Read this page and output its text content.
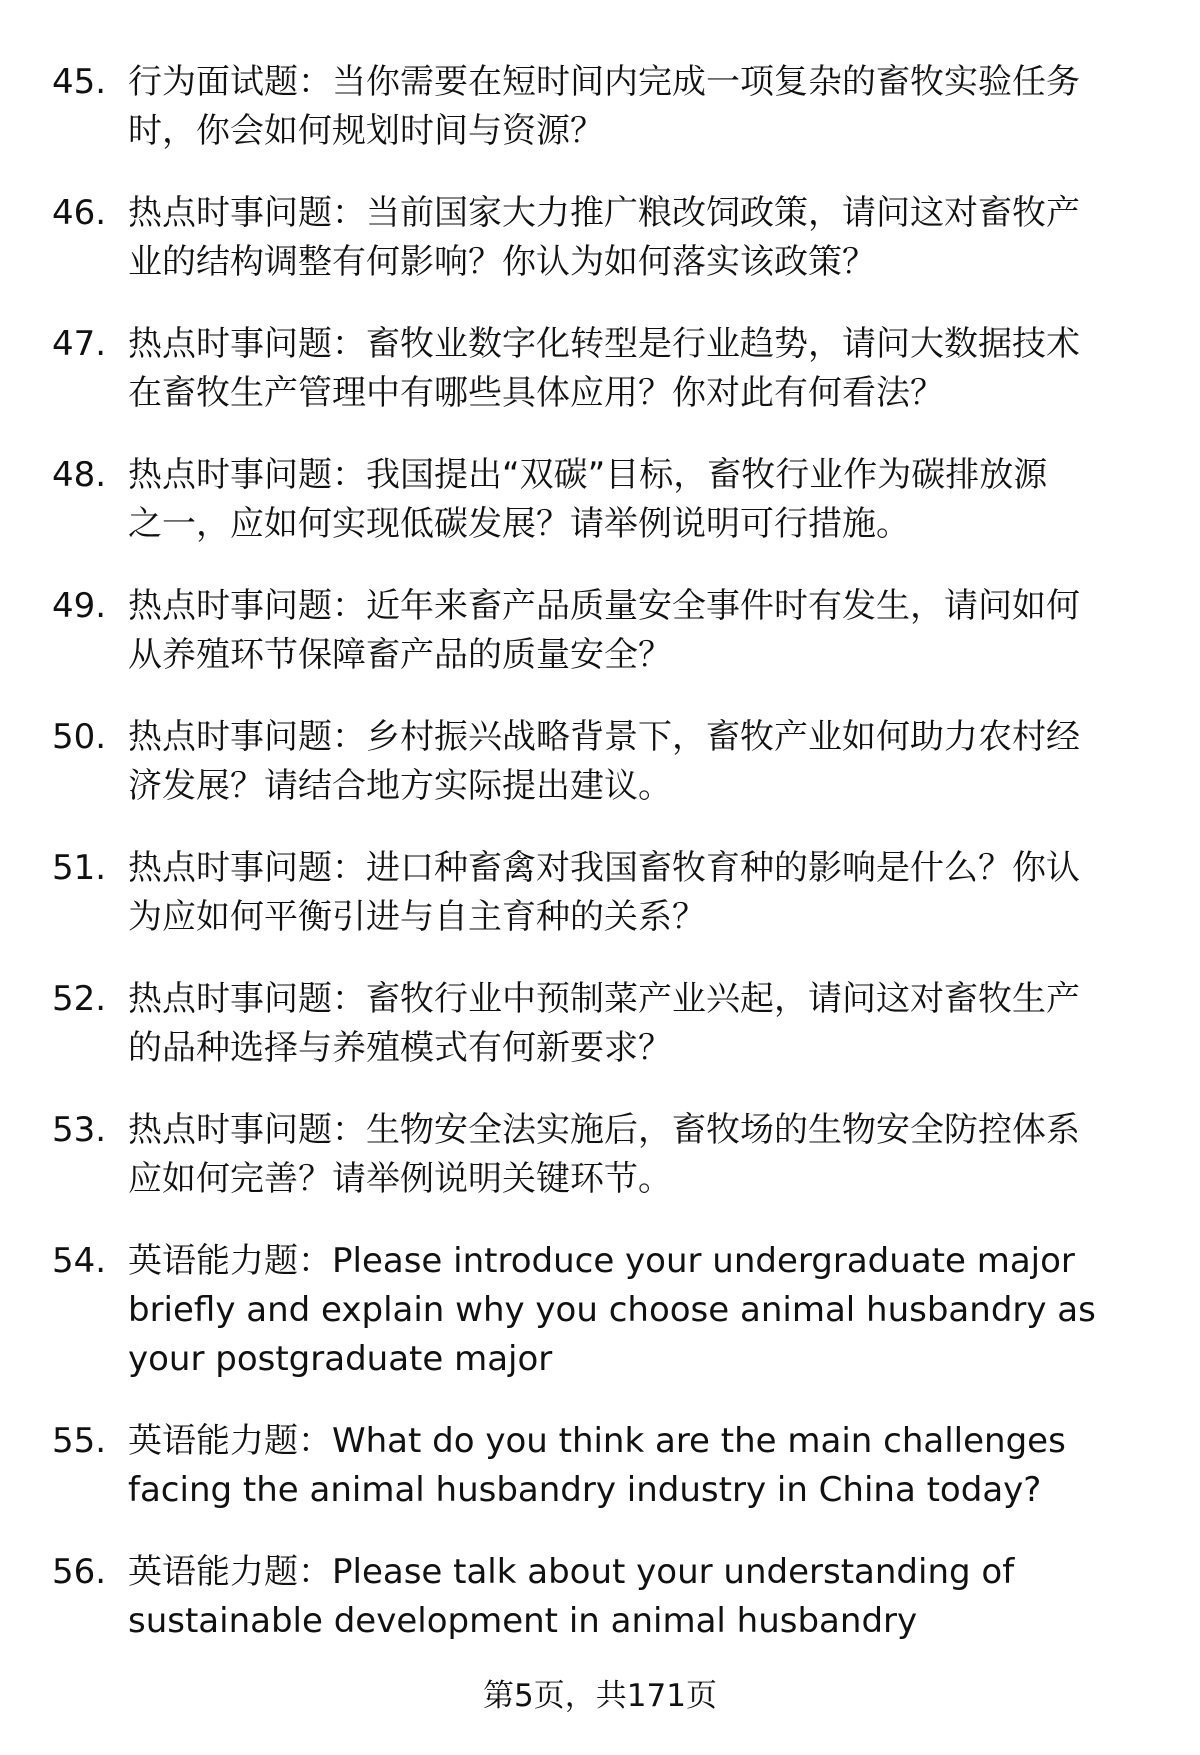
45. 行为面试题：当你需要在短时间内完成一项复杂的畜牧实验任务
时，你会如何规划时间与资源？
46. 热点时事问题：当前国家大力推广粮改饲政策，请问这对畜牧产
业的结构调整有何影响？你认为如何落实该政策？
47. 热点时事问题：畜牧业数字化转型是行业趋势，请问大数据技术
在畜牧生产管理中有哪些具体应用？你对此有何看法？
48. 热点时事问题：我国提出“双碳”目标，畜牧行业作为碳排放源
之一，应如何实现低碳发展？请举例说明可行措施。
49. 热点时事问题：近年来畜产品质量安全事件时有发生，请问如何
从养殖环节保障畜产品的质量安全？
50. 热点时事问题：乡村振兴战略背景下，畜牧产业如何助力农村经
济发展？请结合地方实际提出建议。
51. 热点时事问题：进口种畜禽对我国畜牧育种的影响是什么？你认
为应如何平衡引进与自主育种的关系？
52. 热点时事问题：畜牧行业中预制菜产业兴起，请问这对畜牧生产
的品种选择与养殖模式有何新要求？
53. 热点时事问题：生物安全法实施后，畜牧场的生物安全防控体系
应如何完善？请举例说明关键环节。
54. 英语能力题：Please introduce your undergraduate major
briefly and explain why you choose animal husbandry as
your postgraduate major
55. 英语能力题：What do you think are the main challenges
facing the animal husbandry industry in China today?
56. 英语能力题：Please talk about your understanding of
sustainable development in animal husbandry
第5页，共171页
